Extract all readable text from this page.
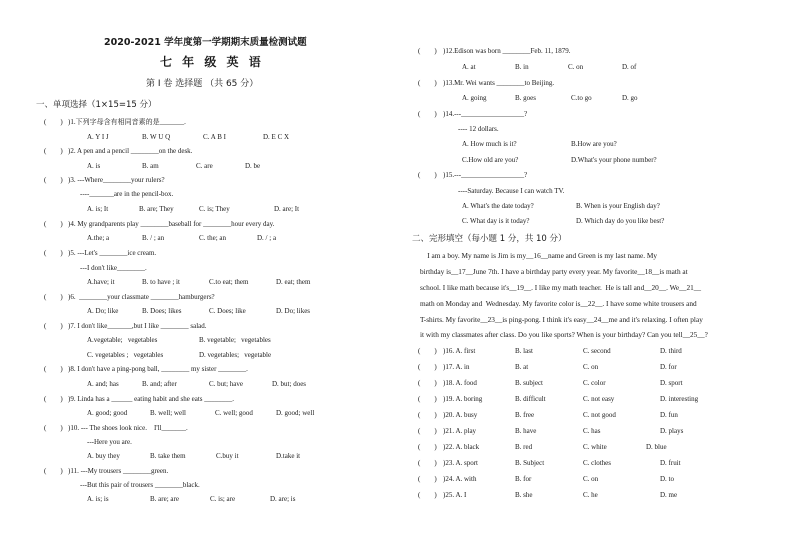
2020-2021 学年度第一学期期末质量检测试题
七 年 级 英 语
第 I 卷 选择题 （共 65 分）
一、单项选择（1×15=15 分）
(        ) )1.下列字母含有相同音素的是_______.
A. Y I J	B. W U Q	C. A B I	D. E C X
(        ) )2. A pen and a pencil ________on the desk.
A. is	B. am	C. are	D. be
(        ) )3. ---Where________your rulers?
----_______are in the pencil-box.
A. is; It	B. are; They	C. is; They	D. are; It
(        ) )4. My grandparents play ________baseball for ________hour every day.
A.the; a	B. / ; an	C. the; an	D. / ; a
(        ) )5. ---Let's ________ice cream.
---I don't like________.
A.have; it	B. to have ; it	C.to eat; them	D. eat; them
(        ) )6.  ________your classmate ________hamburgers?
A. Do; like	B. Does; likes	C. Does; like	D. Do; likes
(        ) )7. I don't like_______,but I like ________ salad.
A.vegetable;   vegetables	B. vegetable;   vegetables
C. vegetables ;   vegetables	D. vegetables;   vegetable
(        ) )8. I don't have a ping-pong ball, ________ my sister ________.
A. and; has	B. and; after	C. but; have	D. but; does
(        ) )9. Linda has a ______ eating habit and she eats ________.
A. good; good	B. well; well	C. well; good	D. good; well
(        ) )10. --- The shoes look nice.    I'll_______.
---Here you are.
A. buy they	B. take them	C.buy it	D.take it
(        ) )11. ---My trousers ________green.
---But this pair of trousers ________black.
A. is; is	B. are; are	C. is; are	D. are; is
(        ) )12.Edison was born ________Feb. 11, 1879.
A. at	B. in	C. on	D. of
(        ) )13.Mr. Wei wants ________to Beijing.
A. going	B. goes	C.to go	D. go
(        ) )14.---__________________?
---- 12 dollars.
A. How much is it?	B.How are you?
C.How old are you?	D.What's your phone number?
(        ) )15.---__________________?
----Saturday. Because I can watch TV.
A. What's the date today?	B. When is your English day?
C. What day is it today?	D. Which day do you like best?
二、完形填空（每小题 1 分，共 10 分）
I am a boy. My name is Jim is my__16__name and Green is my last name. My
birthday is__17__June 7th. I have a birthday party every year. My favorite__18__is math at
school. I like math because it's__19__. I like my math teacher.  He is tall and__20__. We__21__
math on Monday and  Wednesday. My favorite color is__22__. I have some white trousers and
T-shirts. My favorite__23__is ping-pong. I think it's easy__24__me and it's relaxing. I often play
it with my classmates after class. Do you like sports? When is your birthday? Can you tell__25__?
(        ) )16. A. first	B. last	C. second	D. third
(        ) )17. A. in	B. at	C. on	D. for
(        ) )18. A. food	B. subject	C. color	D. sport
(        ) )19. A. boring	B. difficult	C. not easy	D. interesting
(        ) )20. A. busy	B. free	C. not good	D. fun
(        ) )21. A. play	B. have	C. has	D. plays
(        ) )22. A. black	B. red	C. white	D. blue
(        ) )23. A. sport	B. Subject	C. clothes	D. fruit
(        ) )24. A. with	B. for	C. on	D. to
(        ) )25. A. I	B. she	C. he	D. me
